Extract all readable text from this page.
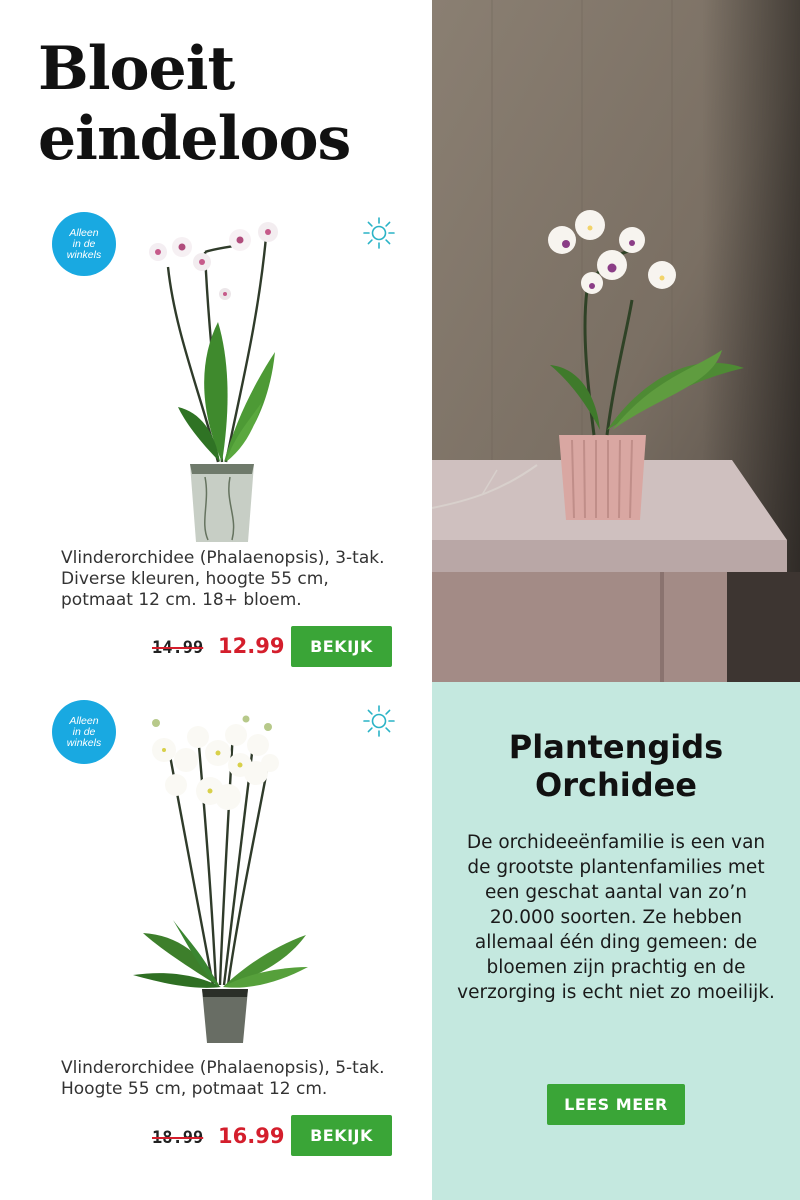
Bloeit
eindeloos
Alleen
in de
winkels

Vlinderorchidee (Phalaenopsis), 3-tak. Diverse kleuren, hoogte 55 cm, potmaat 12 cm. 18+ bloem.

14.99 12.99	BEKIJK
Alleen
in de
winkels

Vlinderorchidee (Phalaenopsis), 5-tak. Hoogte 55 cm, potmaat 12 cm.

18.99 16.99	BEKIJK
Plantengids
Orchidee

De orchideeënfamilie is een van de grootste plantenfamilies met een geschat aantal van zo’n 20.000 soorten. Ze hebben allemaal één ding gemeen: de bloemen zijn prachtig en de verzorging is echt niet zo moeilijk.

LEES MEER
